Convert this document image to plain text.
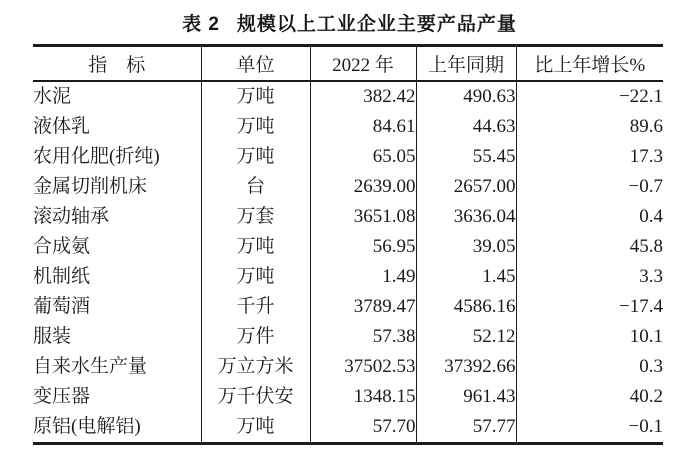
表 2 规模以上工业企业主要产品产量
指　标	单位	2022 年	上年同期	比上年增长%
水泥	万吨	382.42	490.63	−22.1
液体乳	万吨	84.61	44.63	89.6
农用化肥(折纯)	万吨	65.05	55.45	17.3
金属切削机床	台	2639.00	2657.00	−0.7
滚动轴承	万套	3651.08	3636.04	0.4
合成氨	万吨	56.95	39.05	45.8
机制纸	万吨	1.49	1.45	3.3
葡萄酒	千升	3789.47	4586.16	−17.4
服装	万件	57.38	52.12	10.1
自来水生产量	万立方米	37502.53	37392.66	0.3
变压器	万千伏安	1348.15	961.43	40.2
原铝(电解铝)	万吨	57.70	57.77	−0.1
